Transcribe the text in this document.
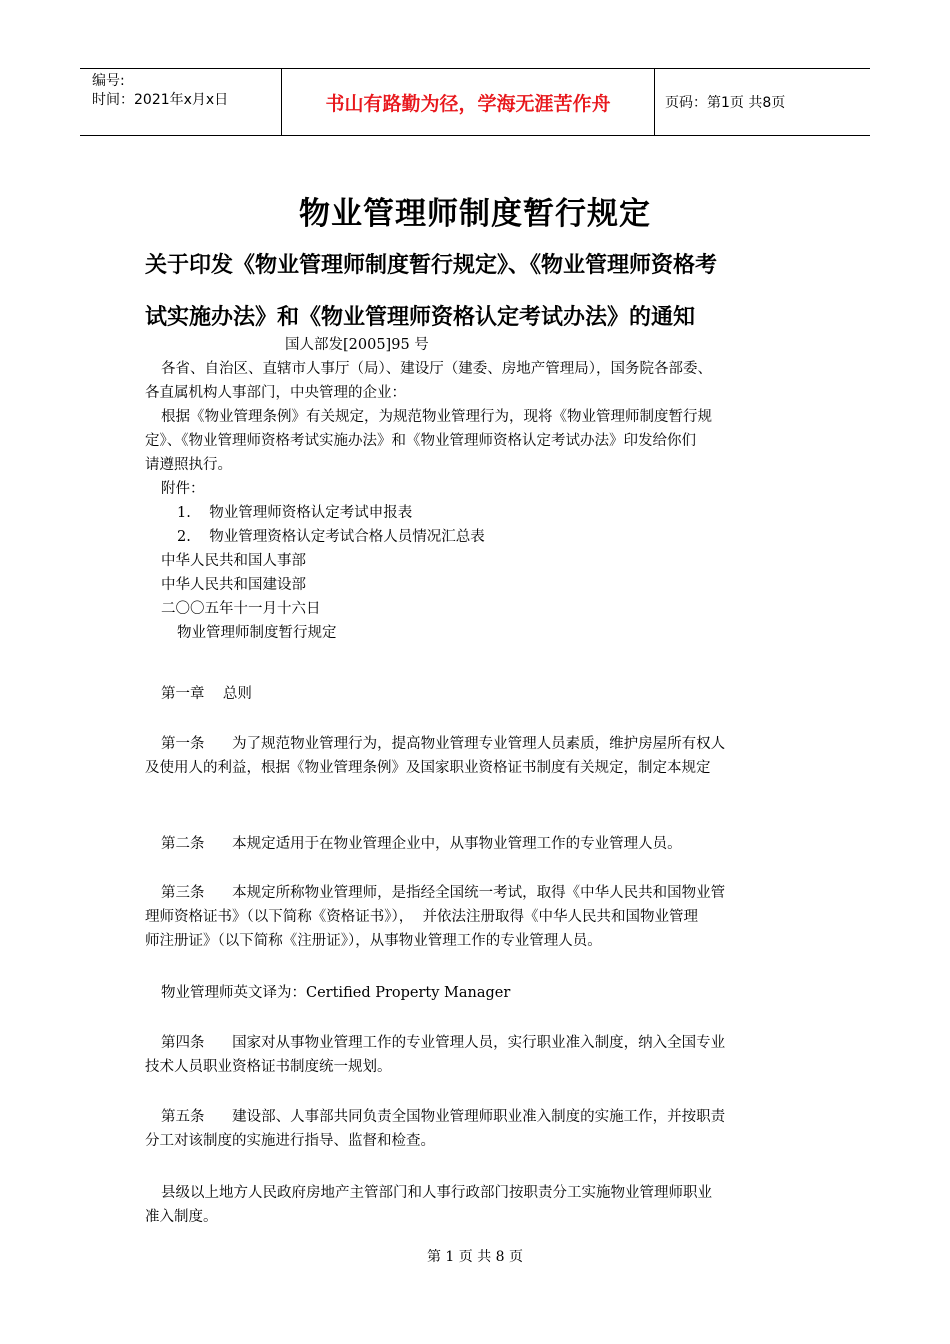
编号:
时间：2021年x月x日	书山有路勤为径，学海无涯苦作舟	页码：第1页 共8页
物业管理师制度暂行规定
关于印发《物业管理师制度暂行规定》、《物业管理师资格考
试实施办法》和《物业管理师资格认定考试办法》的通知
国人部发[2005]95 号
各省、自治区、直辖市人事厅（局）、建设厅（建委、房地产管理局），国务院各部委、
各直属机构人事部门，中央管理的企业：
根据《物业管理条例》有关规定，为规范物业管理行为，现将《物业管理师制度暂行规
定》、《物业管理师资格考试实施办法》和《物业管理师资格认定考试办法》印发给你们
请遵照执行。
附件：
1.    物业管理师资格认定考试申报表
2.    物业管理资格认定考试合格人员情况汇总表
中华人民共和国人事部
中华人民共和国建设部
二〇〇五年十一月十六日
物业管理师制度暂行规定
第一章    总则
第一条      为了规范物业管理行为，提高物业管理专业管理人员素质，维护房屋所有权人
及使用人的利益，根据《物业管理条例》及国家职业资格证书制度有关规定，制定本规定
第二条      本规定适用于在物业管理企业中，从事物业管理工作的专业管理人员。
第三条      本规定所称物业管理师，是指经全国统一考试，取得《中华人民共和国物业管
理师资格证书》（以下简称《资格证书》），  并依法注册取得《中华人民共和国物业管理
师注册证》（以下简称《注册证》），从事物业管理工作的专业管理人员。
物业管理师英文译为：Certified Property Manager
第四条      国家对从事物业管理工作的专业管理人员，实行职业准入制度，纳入全国专业
技术人员职业资格证书制度统一规划。
第五条      建设部、人事部共同负责全国物业管理师职业准入制度的实施工作，并按职责
分工对该制度的实施进行指导、监督和检查。
县级以上地方人民政府房地产主管部门和人事行政部门按职责分工实施物业管理师职业
准入制度。
第 1 页 共 8 页
